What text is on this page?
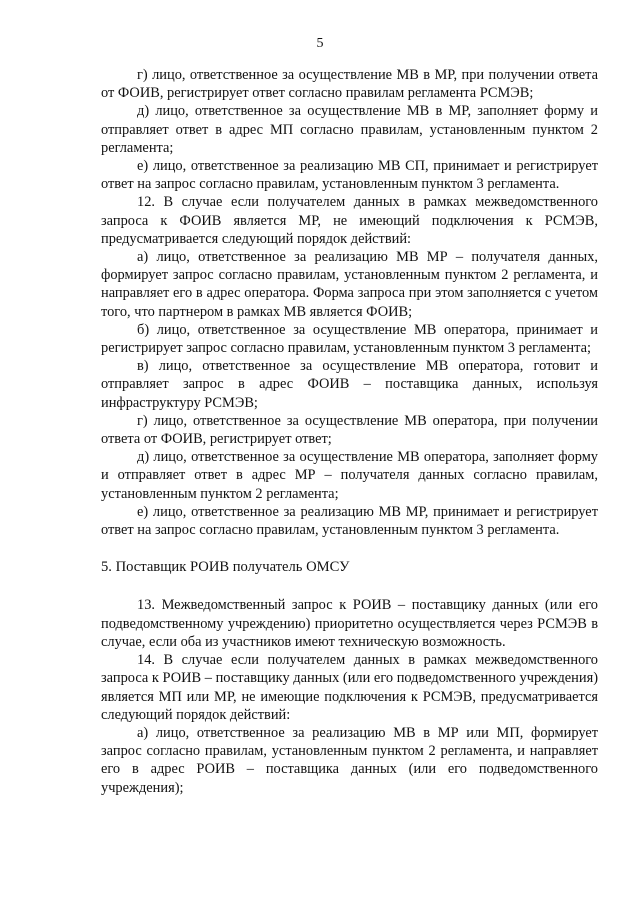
5

г) лицо, ответственное за осуществление МВ в МР, при получении ответа от ФОИВ, регистрирует ответ согласно правилам регламента РСМЭВ;

д) лицо, ответственное за осуществление МВ в МР, заполняет форму и отправляет ответ в адрес МП согласно правилам, установленным пунктом 2 регламента;

е) лицо, ответственное за реализацию МВ СП, принимает и регистрирует ответ на запрос согласно правилам, установленным пунктом 3 регламента.

12. В случае если получателем данных в рамках межведомственного запроса к ФОИВ является МР, не имеющий подключения к РСМЭВ, предусматривается следующий порядок действий:

а) лицо, ответственное за реализацию МВ МР – получателя данных, формирует запрос согласно правилам, установленным пунктом 2 регламента, и направляет его в адрес оператора. Форма запроса при этом заполняется с учетом того, что партнером в рамках МВ является ФОИВ;

б) лицо, ответственное за осуществление МВ оператора, принимает и регистрирует запрос согласно правилам, установленным пунктом 3 регламента;

в) лицо, ответственное за осуществление МВ оператора, готовит и отправляет запрос в адрес ФОИВ – поставщика данных, используя инфраструктуру РСМЭВ;

г) лицо, ответственное за осуществление МВ оператора, при получении ответа от ФОИВ, регистрирует ответ;

д) лицо, ответственное за осуществление МВ оператора, заполняет форму и отправляет ответ в адрес МР – получателя данных согласно правилам, установленным пунктом 2 регламента;

е) лицо, ответственное за реализацию МВ МР, принимает и регистрирует ответ на запрос согласно правилам, установленным пунктом 3 регламента.

5. Поставщик РОИВ получатель ОМСУ

13. Межведомственный запрос к РОИВ – поставщику данных (или его подведомственному учреждению) приоритетно осуществляется через РСМЭВ в случае, если оба из участников имеют техническую возможность.

14. В случае если получателем данных в рамках межведомственного запроса к РОИВ – поставщику данных (или его подведомственного учреждения) является МП или МР, не имеющие подключения к РСМЭВ, предусматривается следующий порядок действий:

а) лицо, ответственное за реализацию МВ в МР или МП, формирует запрос согласно правилам, установленным пунктом 2 регламента, и направляет его в адрес РОИВ – поставщика данных (или его подведомственного учреждения);
